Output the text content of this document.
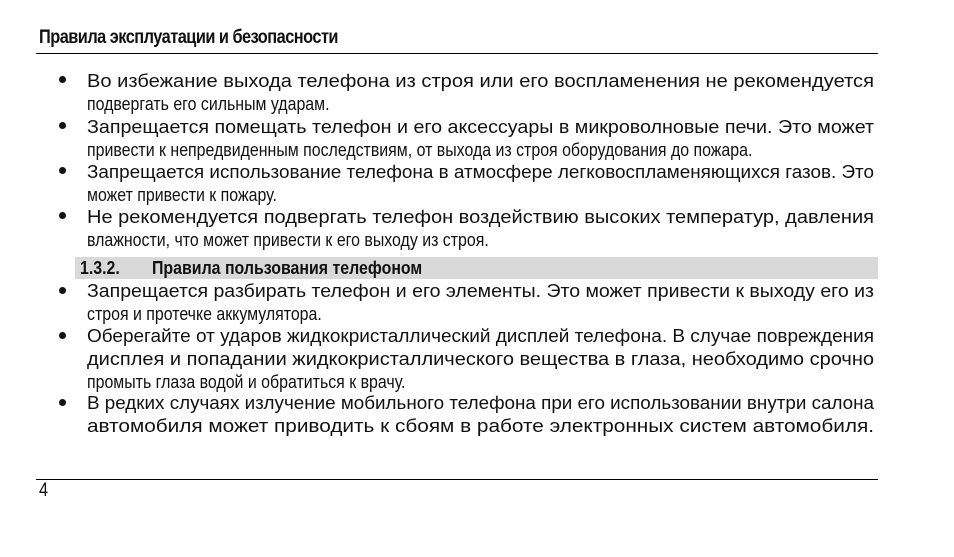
Правила эксплуатации и безопасности
Во избежание выхода телефона из строя или его воспламенения не рекомендуется
подвергать его сильным ударам.
Запрещается помещать телефон и его аксессуары в микроволновые печи. Это может
привести к непредвиденным последствиям, от выхода из строя оборудования до пожара.
Запрещается использование телефона в атмосфере легковоспламеняющихся газов. Это
может привести к пожару.
Не рекомендуется подвергать телефон воздействию высоких температур, давления
влажности, что может привести к его выходу из строя.
1.3.2. Правила пользования телефоном
Запрещается разбирать телефон и его элементы. Это может привести к выходу его из
строя и протечке аккумулятора.
Оберегайте от ударов жидкокристаллический дисплей телефона. В случае повреждения
дисплея и попадании жидкокристаллического вещества в глаза, необходимо срочно
промыть глаза водой и обратиться к врачу.
В редких случаях излучение мобильного телефона при его использовании внутри салона
автомобиля может приводить к сбоям в работе электронных систем автомобиля.
4
